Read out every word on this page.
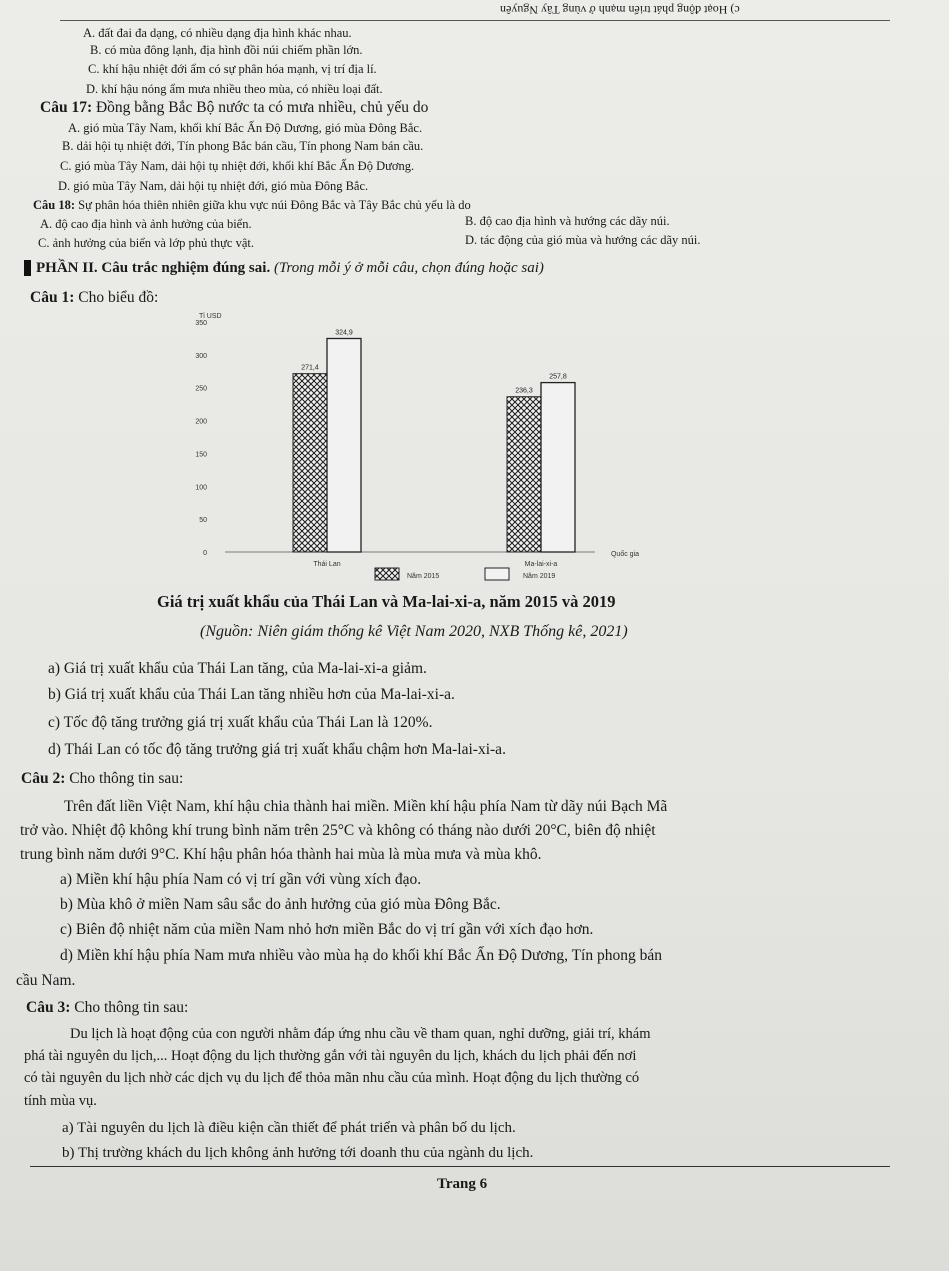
c) Hoạt động phát triển mạnh ở vùng Tây Nguyên
A. đất đai đa dạng, có nhiều dạng địa hình khác nhau.
B. có mùa đông lạnh, địa hình đồi núi chiếm phần lớn.
C. khí hậu nhiệt đới ẩm có sự phân hóa mạnh, vị trí địa lí.
D. khí hậu nóng ẩm mưa nhiều theo mùa, có nhiều loại đất.
Câu 17: Đồng bằng Bắc Bộ nước ta có mưa nhiều, chủ yếu do
A. gió mùa Tây Nam, khối khí Bắc Ấn Độ Dương, gió mùa Đông Bắc.
B. dải hội tụ nhiệt đới, Tín phong Bắc bán cầu, Tín phong Nam bán cầu.
C. gió mùa Tây Nam, dải hội tụ nhiệt đới, khối khí Bắc Ấn Độ Dương.
D. gió mùa Tây Nam, dải hội tụ nhiệt đới, gió mùa Đông Bắc.
Câu 18: Sự phân hóa thiên nhiên giữa khu vực núi Đông Bắc và Tây Bắc chủ yếu là do
A. độ cao địa hình và ảnh hưởng của biển.	B. độ cao địa hình và hướng các dãy núi.
C. ảnh hưởng của biển và lớp phủ thực vật.	D. tác động của gió mùa và hướng các dãy núi.
PHẦN II. Câu trắc nghiệm đúng sai. (Trong mỗi ý ở mỗi câu, chọn đúng hoặc sai)
Câu 1: Cho biểu đồ:
Tỉ USD
0
50
100
150
200
250
300
350
271,4
324,9
Thái Lan
236,3
257,8
Ma-lai-xi-a
Quốc gia
Năm 2015	Năm 2019
Giá trị xuất khẩu của Thái Lan và Ma-lai-xi-a, năm 2015 và 2019
(Nguồn: Niên giám thống kê Việt Nam 2020, NXB Thống kê, 2021)
a) Giá trị xuất khẩu của Thái Lan tăng, của Ma-lai-xi-a giảm.
b) Giá trị xuất khẩu của Thái Lan tăng nhiều hơn của Ma-lai-xi-a.
c) Tốc độ tăng trưởng giá trị xuất khẩu của Thái Lan là 120%.
d) Thái Lan có tốc độ tăng trưởng giá trị xuất khẩu chậm hơn Ma-lai-xi-a.
Câu 2: Cho thông tin sau:
Trên đất liền Việt Nam, khí hậu chia thành hai miền. Miền khí hậu phía Nam từ dãy núi Bạch Mã
trở vào. Nhiệt độ không khí trung bình năm trên 25°C và không có tháng nào dưới 20°C, biên độ nhiệt
trung bình năm dưới 9°C. Khí hậu phân hóa thành hai mùa là mùa mưa và mùa khô.
a) Miền khí hậu phía Nam có vị trí gần với vùng xích đạo.
b) Mùa khô ở miền Nam sâu sắc do ảnh hưởng của gió mùa Đông Bắc.
c) Biên độ nhiệt năm của miền Nam nhỏ hơn miền Bắc do vị trí gần với xích đạo hơn.
d) Miền khí hậu phía Nam mưa nhiều vào mùa hạ do khối khí Bắc Ấn Độ Dương, Tín phong bán
cầu Nam.
Câu 3: Cho thông tin sau:
Du lịch là hoạt động của con người nhằm đáp ứng nhu cầu về tham quan, nghỉ dưỡng, giải trí, khám
phá tài nguyên du lịch,... Hoạt động du lịch thường gắn với tài nguyên du lịch, khách du lịch phải đến nơi
có tài nguyên du lịch nhờ các dịch vụ du lịch để thỏa mãn nhu cầu của mình. Hoạt động du lịch thường có
tính mùa vụ.
a) Tài nguyên du lịch là điều kiện cần thiết để phát triển và phân bố du lịch.
b) Thị trường khách du lịch không ảnh hưởng tới doanh thu của ngành du lịch.
Trang 6
